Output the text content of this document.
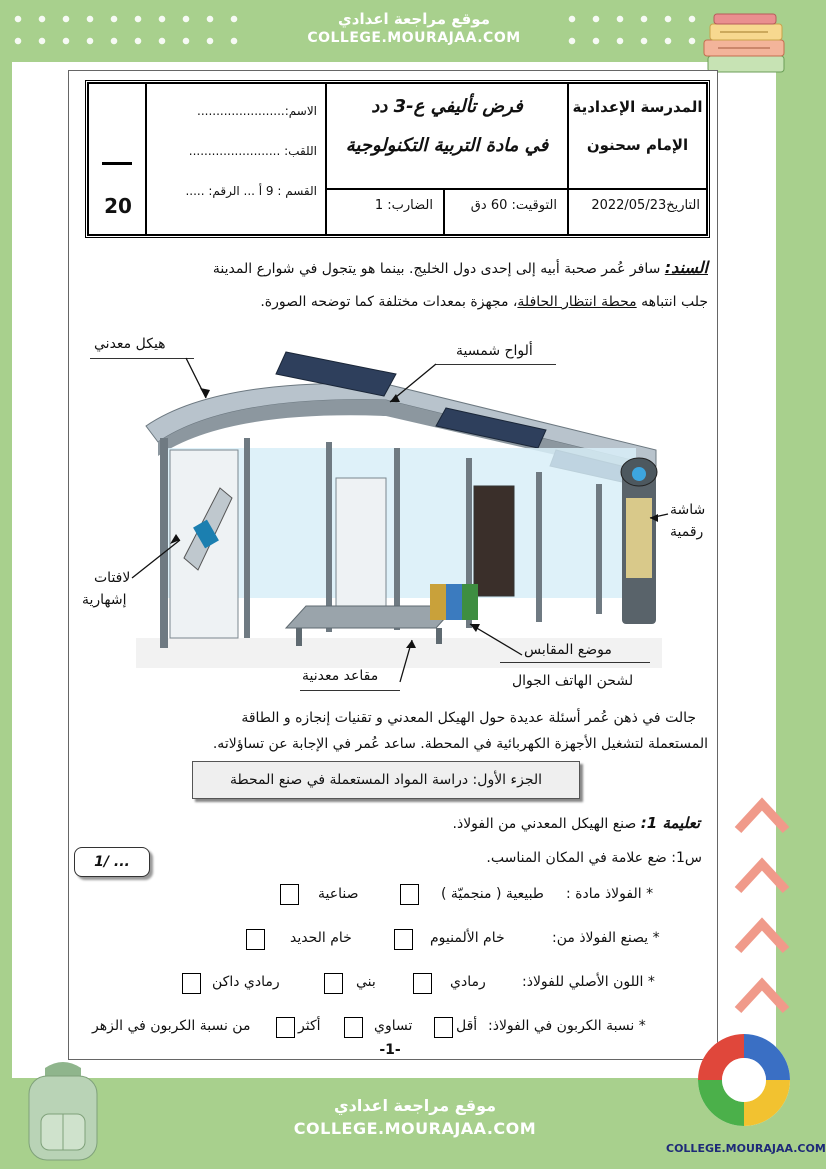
موقع مراجعة اعدادي
COLLEGE.MOURAJAA.COM
20
الاسم:.......................
اللقب: ........................
القسم : 9 أ ... الرقم: .....
فرض تأليفي ع-3 دد
في مادة التربية التكنولوجية
المدرسة الإعدادية
الإمام سحنون
الضارب: 1	التوقيت: 60 دق	التاريخ2022/05/23
السند: سافر عُمر صحبة أبيه إلى إحدى دول الخليج. بينما هو يتجول في شوارع المدينة
جلب انتباهه محطة انتظار الحافلة، مجهزة بمعدات مختلفة كما توضحه الصورة.
هيكل معدني	ألواح شمسية
شاشة
رقمية
لافتات
إشهارية
موضع المقابس
لشحن الهاتف الجوال
مقاعد معدنية
جالت في ذهن عُمر أسئلة عديدة حول الهيكل المعدني و تقنيات إنجازه و الطاقة
المستعملة لتشغيل الأجهزة الكهربائية في المحطة. ساعد عُمر في الإجابة عن تساؤلاته.
الجزء الأول: دراسة المواد المستعملة في صنع المحطة
تعليمة 1: صنع الهيكل المعدني من الفولاذ.
س1: ضع علامة في المكان المناسب.
1/ ...
* الفولاذ مادة :
طبيعية ( منجميّة )
صناعية
* يصنع الفولاذ من:
خام الألمنيوم
خام الحديد
* اللون الأصلي للفولاذ:
رمادي
بني
رمادي داكن
* نسبة الكربون في الفولاذ:
أقل
تساوي
أكثر
من نسبة الكربون في الزهر
-1-
موقع مراجعة اعدادي
COLLEGE.MOURAJAA.COM
COLLEGE.MOURAJAA.COM
